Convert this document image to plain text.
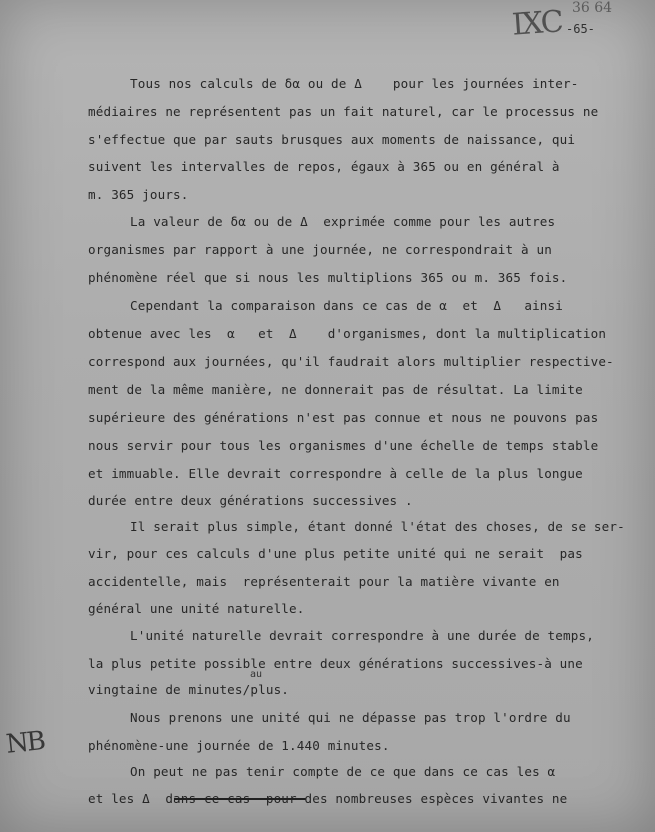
IXC 36 64
-65-
Tous nos calculs de δα ou de Δ    pour les journées inter-
médiaires ne représentent pas un fait naturel, car le processus ne
s'effectue que par sauts brusques aux moments de naissance, qui
suivent les intervalles de repos, égaux à 365 ou en général à
m. 365 jours.
La valeur de δα ou de Δ  exprimée comme pour les autres
organismes par rapport à une journée, ne correspondrait à un
phénomène réel que si nous les multiplions 365 ou m. 365 fois.
Cependant la comparaison dans ce cas de α  et  Δ   ainsi
obtenue avec les  α   et  Δ    d'organismes, dont la multiplication
correspond aux journées, qu'il faudrait alors multiplier respective-
ment de la même manière, ne donnerait pas de résultat. La limite
supérieure des générations n'est pas connue et nous ne pouvons pas
nous servir pour tous les organismes d'une échelle de temps stable
et immuable. Elle devrait correspondre à celle de la plus longue
durée entre deux générations successives .
Il serait plus simple, étant donné l'état des choses, de se ser-
vir, pour ces calculs d'une plus petite unité qui ne serait  pas
accidentelle, mais  représenterait pour la matière vivante en
général une unité naturelle.
L'unité naturelle devrait correspondre à une durée de temps,
la plus petite possible entre deux générations successives-à une
au
vingtaine de minutes/plus.
Nous prenons une unité qui ne dépasse pas trop l'ordre du
phénomène-une journée de 1.440 minutes.
On peut ne pas tenir compte de ce que dans ce cas les α
et les Δ  dans ce cas  pour des nombreuses espèces vivantes ne
NB
